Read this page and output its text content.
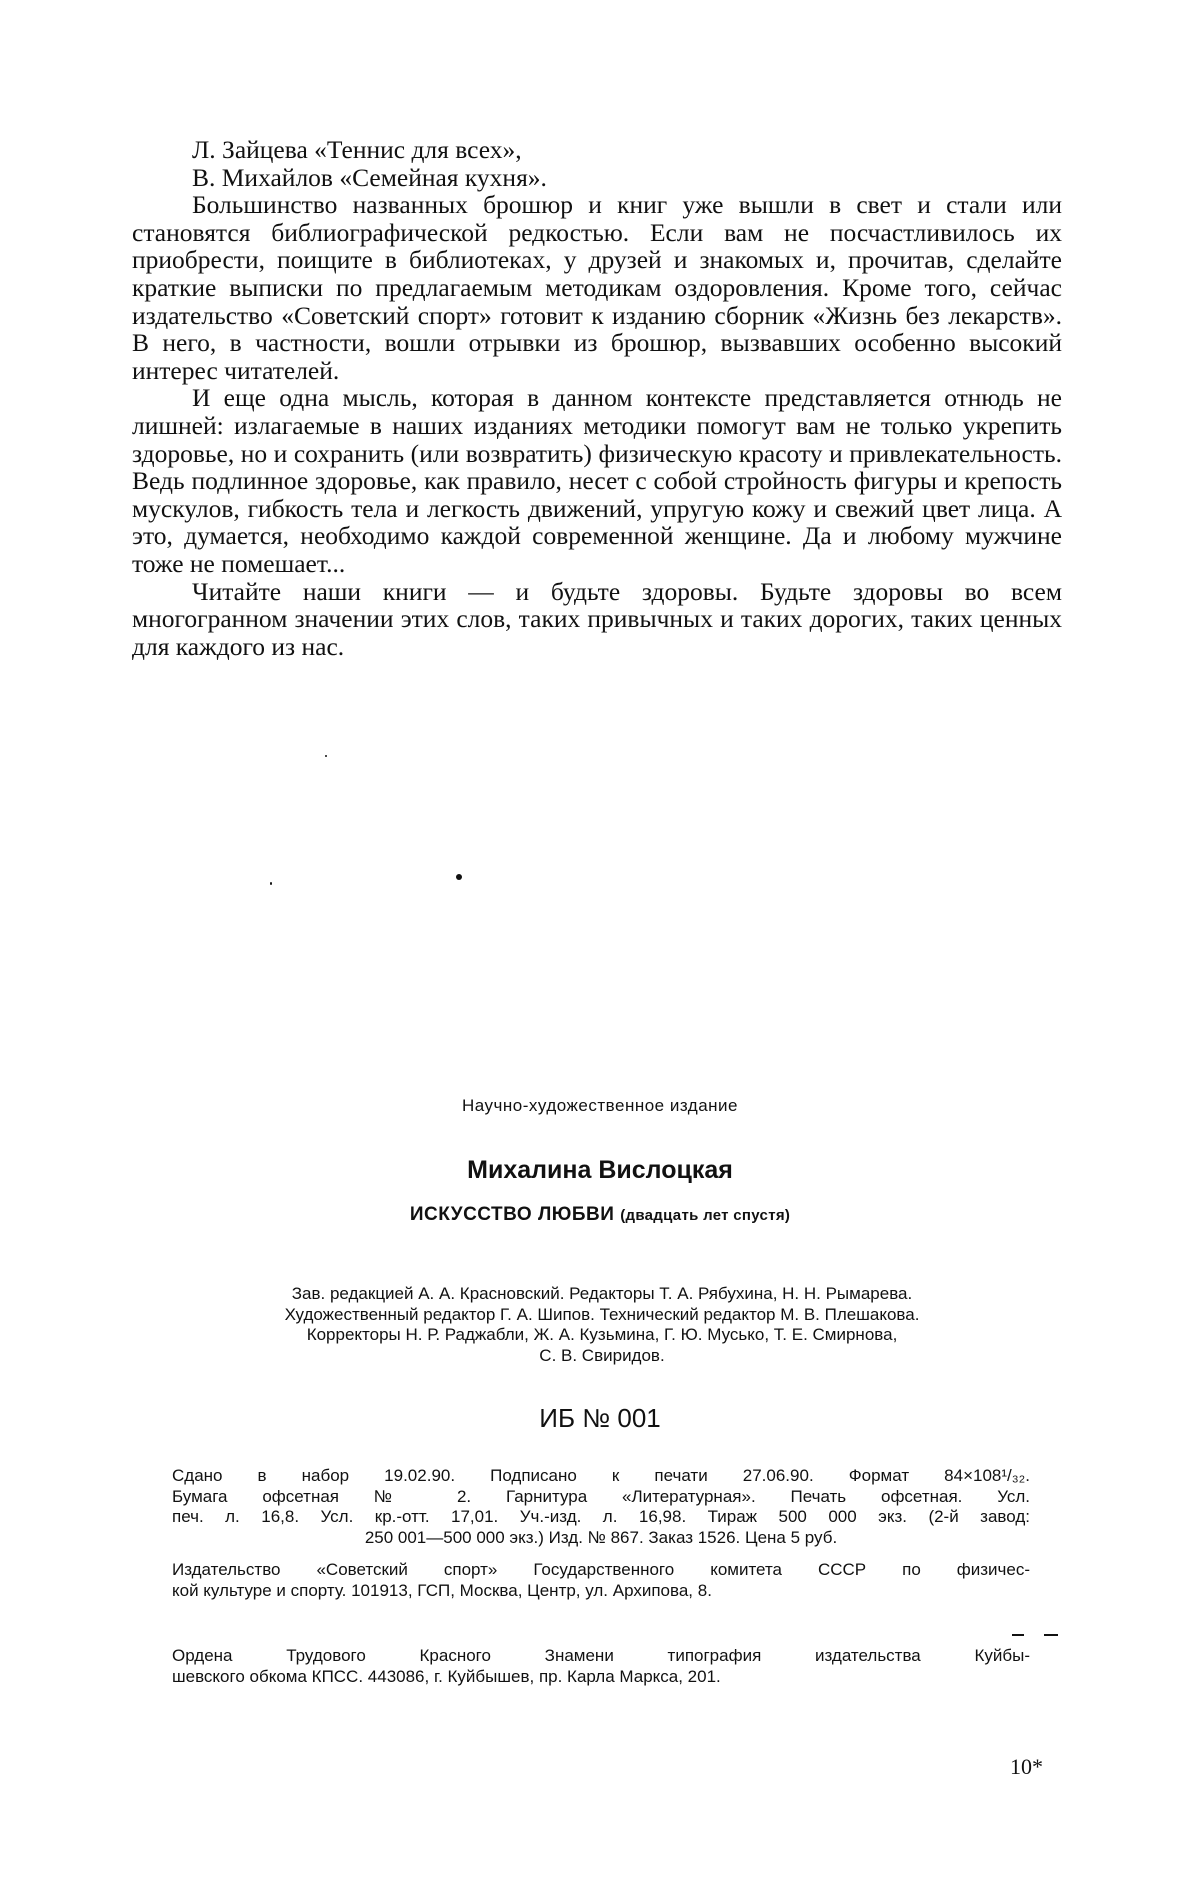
Л. Зайцева «Теннис для всех»,
В. Михайлов «Семейная кухня».

Большинство названных брошюр и книг уже вышли в свет и стали или становятся библиографической редкостью. Если вам не посчастливилось их приобрести, поищите в библиотеках, у друзей и знакомых и, прочитав, сделайте краткие выписки по предлагаемым методикам оздоровления. Кроме того, сейчас издательство «Советский спорт» готовит к изданию сборник «Жизнь без лекарств». В него, в частности, вошли отрывки из брошюр, вызвавших особенно высокий интерес читателей.

И еще одна мысль, которая в данном контексте представляется отнюдь не лишней: излагаемые в наших изданиях методики помогут вам не только укрепить здоровье, но и сохранить (или возвратить) физическую красоту и привлекательность. Ведь подлинное здоровье, как правило, несет с собой стройность фигуры и крепость мускулов, гибкость тела и легкость движений, упругую кожу и свежий цвет лица. А это, думается, необходимо каждой современной женщине. Да и любому мужчине тоже не помешает...

Читайте наши книги — и будьте здоровы. Будьте здоровы во всем многогранном значении этих слов, таких привычных и таких дорогих, таких ценных для каждого из нас.

Научно-художественное издание
Михалина Вислоцкая
ИСКУССТВО ЛЮБВИ (двадцать лет спустя)
Зав. редакцией А. А. Красновский. Редакторы Т. А. Рябухина, Н. Н. Рымарева.
Художественный редактор Г. А. Шипов. Технический редактор М. В. Плешакова.
Корректоры Н. Р. Раджабли, Ж. А. Кузьмина, Г. Ю. Мусько, Т. Е. Смирнова,
С. В. Свиридов.
ИБ № 001
Сдано в набор 19.02.90. Подписано к печати 27.06.90. Формат 84×108¹/₃₂.
Бумага офсетная № 2. Гарнитура «Литературная». Печать офсетная. Усл.
печ. л. 16,8. Усл. кр.-отт. 17,01. Уч.-изд. л. 16,98. Тираж 500 000 экз. (2-й завод:
250 001—500 000 экз.) Изд. № 867. Заказ 1526. Цена 5 руб.
Издательство «Советский спорт» Государственного комитета СССР по физичес-
кой культуре и спорту. 101913, ГСП, Москва, Центр, ул. Архипова, 8.
Ордена Трудового Красного Знамени типография издательства Куйбы-
шевского обкома КПСС. 443086, г. Куйбышев, пр. Карла Маркса, 201.
10*
